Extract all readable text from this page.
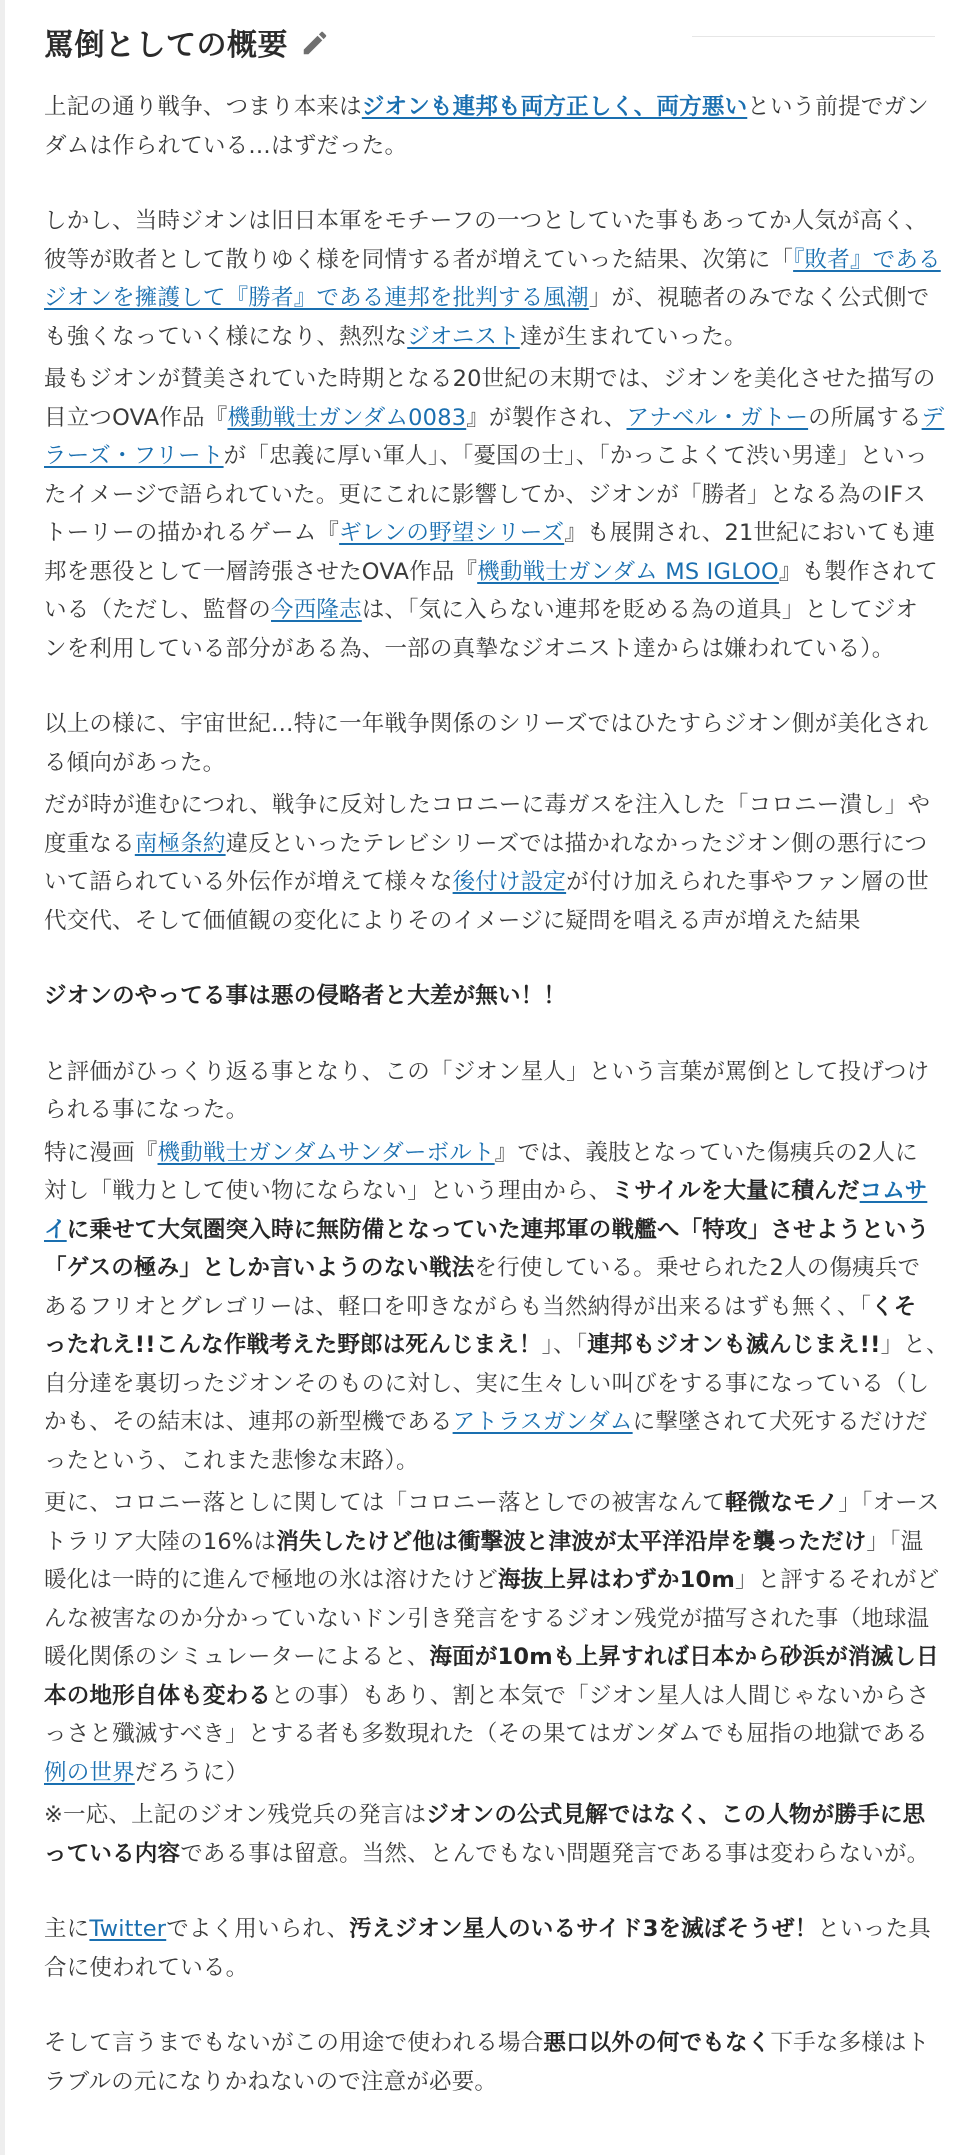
罵倒としての概要
上記の通り戦争、つまり本来はジオンも連邦も両方正しく、両方悪いという前提でガン
ダムは作られている…はずだった。
しかし、当時ジオンは旧日本軍をモチーフの一つとしていた事もあってか人気が高く、
彼等が敗者として散りゆく様を同情する者が増えていった結果、次第に「『敗者』である
ジオンを擁護して『勝者』である連邦を批判する風潮」が、視聴者のみでなく公式側で
も強くなっていく様になり、熱烈なジオニスト達が生まれていった。
最もジオンが賛美されていた時期となる20世紀の末期では、ジオンを美化させた描写の
目立つOVA作品『機動戦士ガンダム0083』が製作され、アナベル・ガトーの所属するデ
ラーズ・フリートが「忠義に厚い軍人」、「憂国の士」、「かっこよくて渋い男達」といっ
たイメージで語られていた。更にこれに影響してか、ジオンが「勝者」となる為のIFス
トーリーの描かれるゲーム『ギレンの野望シリーズ』も展開され、21世紀においても連
邦を悪役として一層誇張させたOVA作品『機動戦士ガンダム MS IGLOO』も製作されて
いる（ただし、監督の今西隆志は、「気に入らない連邦を貶める為の道具」としてジオ
ンを利用している部分がある為、一部の真摯なジオニスト達からは嫌われている）。
以上の様に、宇宙世紀…特に一年戦争関係のシリーズではひたすらジオン側が美化され
る傾向があった。
だが時が進むにつれ、戦争に反対したコロニーに毒ガスを注入した「コロニー潰し」や
度重なる南極条約違反といったテレビシリーズでは描かれなかったジオン側の悪行につ
いて語られている外伝作が増えて様々な後付け設定が付け加えられた事やファン層の世
代交代、そして価値観の変化によりそのイメージに疑問を唱える声が増えた結果
ジオンのやってる事は悪の侵略者と大差が無い！！
と評価がひっくり返る事となり、この「ジオン星人」という言葉が罵倒として投げつけ
られる事になった。
特に漫画『機動戦士ガンダムサンダーボルト』では、義肢となっていた傷痍兵の2人に
対し「戦力として使い物にならない」という理由から、ミサイルを大量に積んだコムサ
イに乗せて大気圏突入時に無防備となっていた連邦軍の戦艦へ「特攻」させようという
「ゲスの極み」としか言いようのない戦法を行使している。乗せられた2人の傷痍兵で
あるフリオとグレゴリーは、軽口を叩きながらも当然納得が出来るはずも無く、「くそ
ったれえ!!こんな作戦考えた野郎は死んじまえ！」、「連邦もジオンも滅んじまえ!!」と、
自分達を裏切ったジオンそのものに対し、実に生々しい叫びをする事になっている（し
かも、その結末は、連邦の新型機であるアトラスガンダムに撃墜されて犬死するだけだ
ったという、これまた悲惨な末路）。
更に、コロニー落としに関しては「コロニー落としでの被害なんて軽微なモノ」「オース
トラリア大陸の16%は消失したけど他は衝撃波と津波が太平洋沿岸を襲っただけ」「温
暖化は一時的に進んで極地の氷は溶けたけど海抜上昇はわずか10m」と評するそれがど
んな被害なのか分かっていないドン引き発言をするジオン残党が描写された事（地球温
暖化関係のシミュレーターによると、海面が10mも上昇すれば日本から砂浜が消滅し日
本の地形自体も変わるとの事）もあり、割と本気で「ジオン星人は人間じゃないからさ
っさと殲滅すべき」とする者も多数現れた（その果てはガンダムでも屈指の地獄である
例の世界だろうに）
※一応、上記のジオン残党兵の発言はジオンの公式見解ではなく、この人物が勝手に思
っている内容である事は留意。当然、とんでもない問題発言である事は変わらないが。
主にTwitterでよく用いられ、汚えジオン星人のいるサイド3を滅ぼそうぜ！といった具
合に使われている。
そして言うまでもないがこの用途で使われる場合悪口以外の何でもなく下手な多様はト
ラブルの元になりかねないので注意が必要。
